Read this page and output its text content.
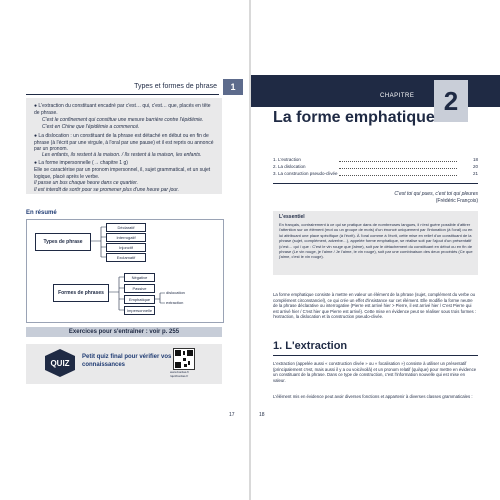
Types et formes de phrase	1
● L'extraction du constituant encadré par c'est… qui, c'est… que, placés en tête de phrase.
C'est le confinement qui constitue une mesure barrière contre l'épidémie.
C'est en Chine que l'épidémie a commencé.
● La dislocation : un constituant de la phrase est détaché en début ou en fin de phrase (à l'écrit par une virgule, à l'oral par une pause) et il est repris ou annoncé par un pronom.
Les enfants, ils restent à la maison. / Ils restent à la maison, les enfants.
● La forme impersonnelle (→ chapitre 1 g)
Elle se caractérise par un pronom impersonnel, il, sujet grammatical, et un sujet logique, placé après le verbe.
Il passe un bus chaque heure dans ce quartier.
Il est interdit de sortir pour se promener plus d'une heure par jour.
En résumé
Types de phrase
Déclaratif
Interrogatif
Injonctif
Exclamatif
Formes de phrases
Négative
Passive
Emphatique
Impersonnelle
dislocation
extraction
Exercices pour s'entraîner : voir p. 255
QUIZ
Petit quiz final pour vérifier vos connaissances
www.bordas.fr
/quizbordas.fr
17
CHAPITRE	2
La forme emphatique
1. L'extraction	18
2. La dislocation	20
3. La construction pseudo-clivée	21
C'est toi qui pues, c'est toi qui pleures
(Frédéric François)
L'essentiel
En français, contrairement à ce qui se pratique dans de nombreuses langues, il n'est guère possible d'attirer l'attention sur un élément (mot ou un groupe de mots) d'un énoncé uniquement par l'intonation (à l'oral) ou en lui attribuant une place spécifique (à l'écrit). À l'oral comme à l'écrit, cette mise en relief d'un constituant de la phrase (sujet, complément, adverbe…), appelée forme emphatique, se réalise soit par l'ajout d'un présentatif (c'est… qui / que : C'est le vin rouge que j'aime), soit par le détachement du constituant en début ou en fin de phrase (Le vin rouge, je l'aime / Je l'aime, le vin rouge), soit par une combinaison des deux procédés (Ce que j'aime, c'est le vin rouge).
La forme emphatique consiste à mettre en valeur un élément de la phrase (sujet, complément du verbe ou complément circonstanciel), ce qui crée un effet d'insistance sur cet élément. Elle modifie la forme neutre de la phrase déclarative ou interrogative (Pierre est arrivé hier > Pierre, il est arrivé hier / C'est Pierre qui est arrivé hier / C'est hier que Pierre est arrivé). Cette mise en évidence peut se réaliser sous trois formes : l'extraction, la dislocation et la construction pseudo-clivée.
1. L'extraction
L'extraction (appelée aussi « construction clivée » ou « focalisation ») consiste à utiliser un présentatif (principalement c'est, mais aussi il y a ou voici/voilà) et un pronom relatif (qui/que) pour mettre en évidence un constituant de la phrase. Dans ce type de construction, c'est l'information nouvelle qui est mise en valeur.
L'élément mis en évidence peut avoir diverses fonctions et appartenir à diverses classes grammaticales :
18
